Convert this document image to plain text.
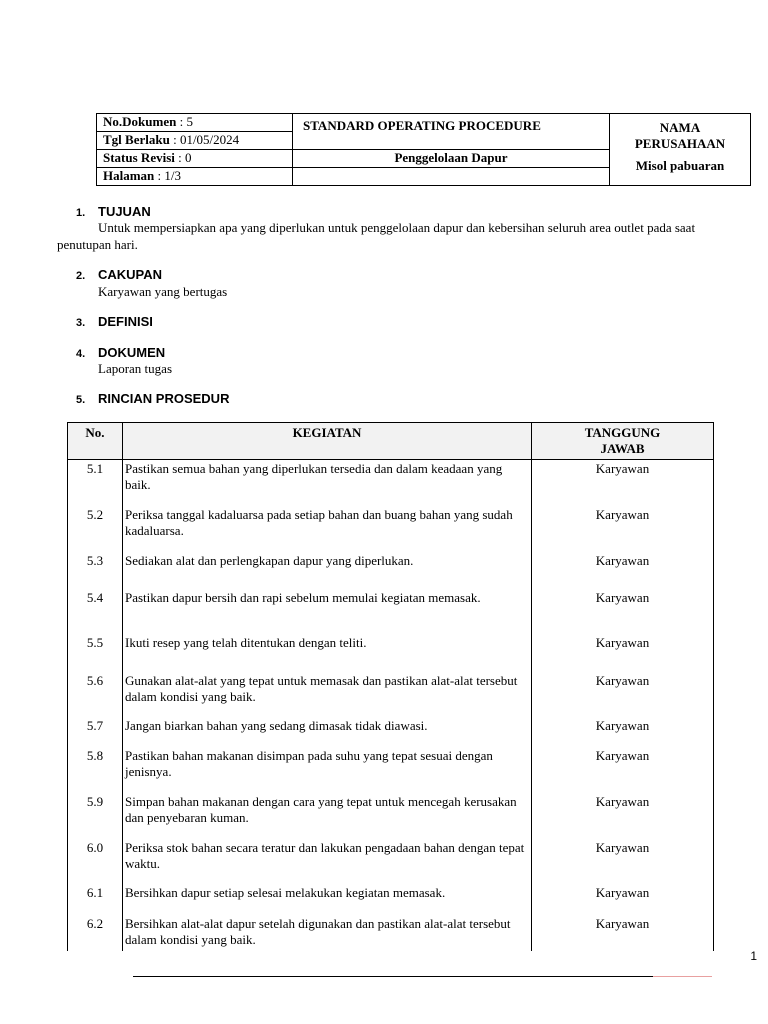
No.Dokumen : 5	STANDARD OPERATING PROCEDURE	NAMA
PERUSAHAAN
Misol pabuaran

Tgl Berlaku : 01/05/2024		
Status Revisi : 0	Penggelolaan Dapur	
Halaman : 1/3		
1. TUJUAN
Untuk mempersiapkan apa yang diperlukan untuk penggelolaan dapur dan kebersihan seluruh area outlet pada saat
penutupan hari.
2. CAKUPAN
Karyawan yang bertugas
3. DEFINISI
4. DOKUMEN
Laporan tugas
5. RINCIAN PROSEDUR
No.	KEGIATAN	TANGGUNG
JAWAB

5.1	Pastikan semua bahan yang diperlukan tersedia dan dalam keadaan yang baik.	Karyawan
5.2	Periksa tanggal kadaluarsa pada setiap bahan dan buang bahan yang sudah kadaluarsa.	Karyawan
5.3	Sediakan alat dan perlengkapan dapur yang diperlukan.	Karyawan
5.4	Pastikan dapur bersih dan rapi sebelum memulai kegiatan memasak.	Karyawan
5.5	Ikuti resep yang telah ditentukan dengan teliti.	Karyawan
5.6	Gunakan alat-alat yang tepat untuk memasak dan pastikan alat-alat tersebut dalam kondisi yang baik.	Karyawan
5.7	Jangan biarkan bahan yang sedang dimasak tidak diawasi.	Karyawan
5.8	Pastikan bahan makanan disimpan pada suhu yang tepat sesuai dengan jenisnya.	Karyawan
5.9	Simpan bahan makanan dengan cara yang tepat untuk mencegah kerusakan dan penyebaran kuman.	Karyawan
6.0	Periksa stok bahan secara teratur dan lakukan pengadaan bahan dengan tepat waktu.	Karyawan
6.1	Bersihkan dapur setiap selesai melakukan kegiatan memasak.	Karyawan
6.2	Bersihkan alat-alat dapur setelah digunakan dan pastikan alat-alat tersebut dalam kondisi yang baik.	Karyawan
1
